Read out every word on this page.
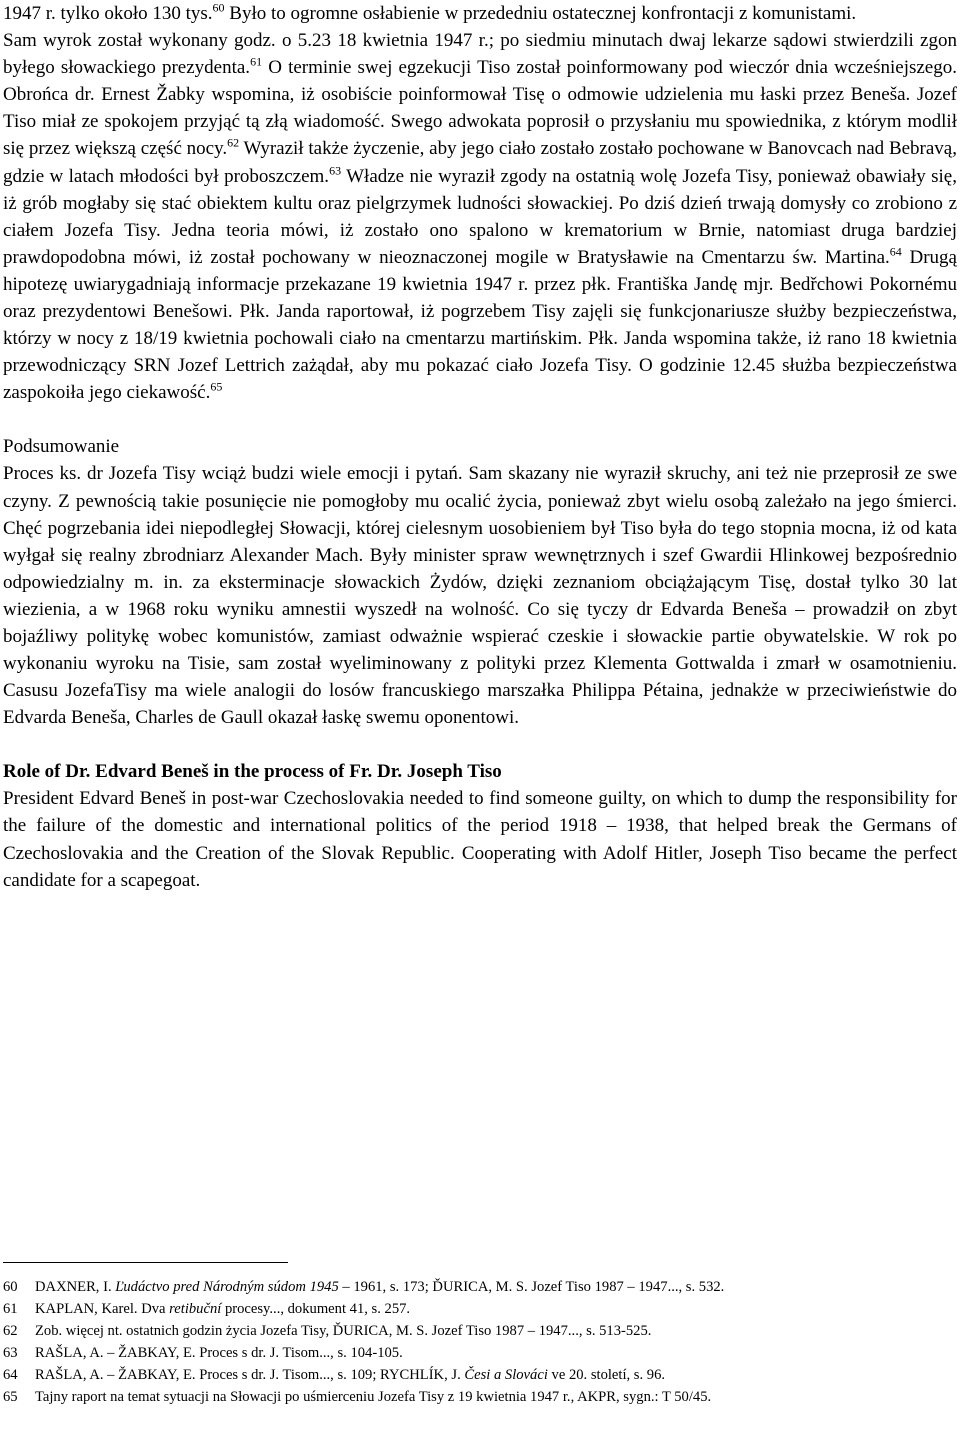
1947 r. tylko około 130 tys.$^{60}$ Było to ogromne osłabienie w przededniu ostatecznej konfrontacji z komunistami.

Sam wyrok został wykonany godz. o 5.23 18 kwietnia 1947 r.; po siedmiu minutach dwaj lekarze sądowi stwierdzili zgon byłego słowackiego prezydenta.$^{61}$ O terminie swej egzekucji Tiso został poinformowany pod wieczór dnia wcześniejszego. Obrońca dr. Ernest Žabky wspomina, iż osobiście poinformował Tisę o odmowie udzielenia mu łaski przez Beneša. Jozef Tiso miał ze spokojem przyjąć tą złą wiadomość. Swego adwokata poprosił o przysłaniu mu spowiednika, z którym modlił się przez większą część nocy.$^{62}$ Wyraził także życzenie, aby jego ciało zostało zostało pochowane w Banovcach nad Bebravą, gdzie w latach młodości był proboszczem.$^{63}$ Władze nie wyraził zgody na ostatnią wolę Jozefa Tisy, ponieważ obawiały się, iż grób mogłaby się stać obiektem kultu oraz pielgrzymek ludności słowackiej. Po dziś dzień trwają domysły co zrobiono z ciałem Jozefa Tisy. Jedna teoria mówi, iż zostało ono spalono w krematorium w Brnie, natomiast druga bardziej prawdopodobna mówi, iż został pochowany w nieoznaczonej mogile w Bratysławie na Cmentarzu św. Martina.$^{64}$ Drugą hipotezę uwiarygadniają informacje przekazane 19 kwietnia 1947 r. przez płk. Františka Jandę mjr. Bedřchowi Pokornému oraz prezydentowi Benešowi. Płk. Janda raportował, iż pogrzebem Tisy zajęli się funkcjonariusze służby bezpieczeństwa, którzy w nocy z 18/19 kwietnia pochowali ciało na cmentarzu martińskim. Płk. Janda wspomina także, iż rano 18 kwietnia przewodniczący SRN Jozef Lettrich zażądał, aby mu pokazać ciało Jozefa Tisy. O godzinie 12.45 służba bezpieczeństwa zaspokoiła jego ciekawość.$^{65}$

Podsumowanie

Proces ks. dr Jozefa Tisy wciąż budzi wiele emocji i pytań. Sam skazany nie wyraził skruchy, ani też nie przeprosił ze swe czyny. Z pewnością takie posunięcie nie pomogłoby mu ocalić życia, ponieważ zbyt wielu osobą zależało na jego śmierci. Chęć pogrzebania idei niepodległej Słowacji, której cielesnym uosobieniem był Tiso była do tego stopnia mocna, iż od kata wyłgał się realny zbrodniarz Alexander Mach. Były minister spraw wewnętrznych i szef Gwardii Hlinkowej bezpośrednio odpowiedzialny m. in. za eksterminacje słowackich Żydów, dzięki zeznaniom obciążającym Tisę, dostał tylko 30 lat wiezienia, a w 1968 roku wyniku amnestii wyszedł na wolność. Co się tyczy dr Edvarda Beneša – prowadził on zbyt bojaźliwy politykę wobec komunistów, zamiast odważnie wspierać czeskie i słowackie partie obywatelskie. W rok po wykonaniu wyroku na Tisie, sam został wyeliminowany z polityki przez Klementa Gottwalda i zmarł w osamotnieniu. Casusu JozefaTisy ma wiele analogii do losów francuskiego marszałka Philippa Pétaina, jednakże w przeciwieństwie do Edvarda Beneša, Charles de Gaull okazał łaskę swemu oponentowi.

Role of Dr. Edvard Beneš in the process of Fr. Dr. Joseph Tiso

President Edvard Beneš in post-war Czechoslovakia needed to find someone guilty, on which to dump the responsibility for the failure of the domestic and international politics of the period 1918 – 1938, that helped break the Germans of Czechoslovakia and the Creation of the Slovak Republic. Cooperating with Adolf Hitler, Joseph Tiso became the perfect candidate for a scapegoat.

60	DAXNER, I. Ľudáctvo pred Národným súdom 1945 – 1961, s. 173; ĎURICA, M. S. Jozef Tiso 1987 – 1947..., s. 532.
61	KAPLAN, Karel. Dva retibuční procesy..., dokument 41, s. 257.
62	Zob. więcej nt. ostatnich godzin życia Jozefa Tisy, ĎURICA, M. S. Jozef Tiso 1987 – 1947..., s. 513-525.
63	RAŠLA, A. – ŽABKAY, E. Proces s dr. J. Tisom..., s. 104-105.
64	RAŠLA, A. – ŽABKAY, E. Proces s dr. J. Tisom..., s. 109; RYCHLÍK, J. Česi a Slováci ve 20. století, s. 96.
65	Tajny raport na temat sytuacji na Słowacji po uśmierceniu Jozefa Tisy z 19 kwietnia 1947 r., AKPR, sygn.: T 50/45.
